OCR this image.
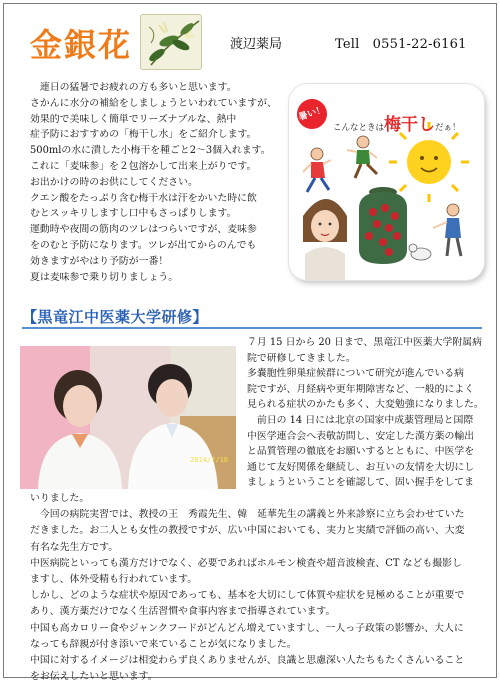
金銀花	渡辺薬局	Tell　0551-22-6161

　連日の猛暑でお疲れの方も多いと思います。

さかんに水分の補給をしましょうといわれていますが、効果的で美味しく簡単でリーズナブルな、熱中

症予防におすすめの「梅干し水」をご紹介します。

500mlの水に潰した小梅干を種ごと2〜3個入れます。

これに「麦味参」を２包溶かして出来上がりです。

お出かけの時のお供にしてください。

クエン酸をたっぷり含む梅干水は汗をかいた時に飲

むとスッキリしますし口中もさっぱりします。

運動時や夜間の筋肉のツレはつらいですが、麦味参

をのむと予防になります。ツレが出てからのんでも

効きますがやはり予防が一番！

夏は麦味参で乗り切りましょう。

暑い！
こんなときは梅干しだぁ！
【黒竜江中医薬大学研修】
2014/7/18

７月 15 日から 20 日まで、黒竜江中医薬大学附属病

院で研修してきました。

多嚢胞性卵巣症候群について研究が進んでいる病

院ですが、月経病や更年期障害など、一般的によく

見られる症状のかたも多く、大変勉強になりました。

　前日の 14 日には北京の国家中成薬管理局と国際

中医学連合会へ表敬訪問し、安定した漢方薬の輸出

と品質管理の徹底をお願いするとともに、中医学を

通じて友好関係を継続し、お互いの友情を大切にし

ましょうということを確認して、固い握手をしてま

いりました。

　今回の病院実習では、教授の王　秀霞先生、韓　延華先生の講義と外来診察に立ち会わせていた

だきました。お二人とも女性の教授ですが、広い中国においても、実力と実績で評価の高い、大変

有名な先生方です。

中医病院といっても漢方だけでなく、必要であればホルモン検査や超音波検査、CT なども撮影し

ますし、体外受精も行われています。

しかし、どのような症状や原因であっても、基本を大切にして体質や症状を見極めることが重要で

あり、漢方薬だけでなく生活習慣や食事内容まで指導されています。

中国も高カロリー食やジャンクフードがどんどん増えていますし、一人っ子政策の影響か、大人に

なっても辞親が付き添いで来ていることが気になりました。

中国に対するイメージは相変わらず良くありませんが、良識と思慮深い人たちもたくさんいること

をお伝えしたいと思います。
